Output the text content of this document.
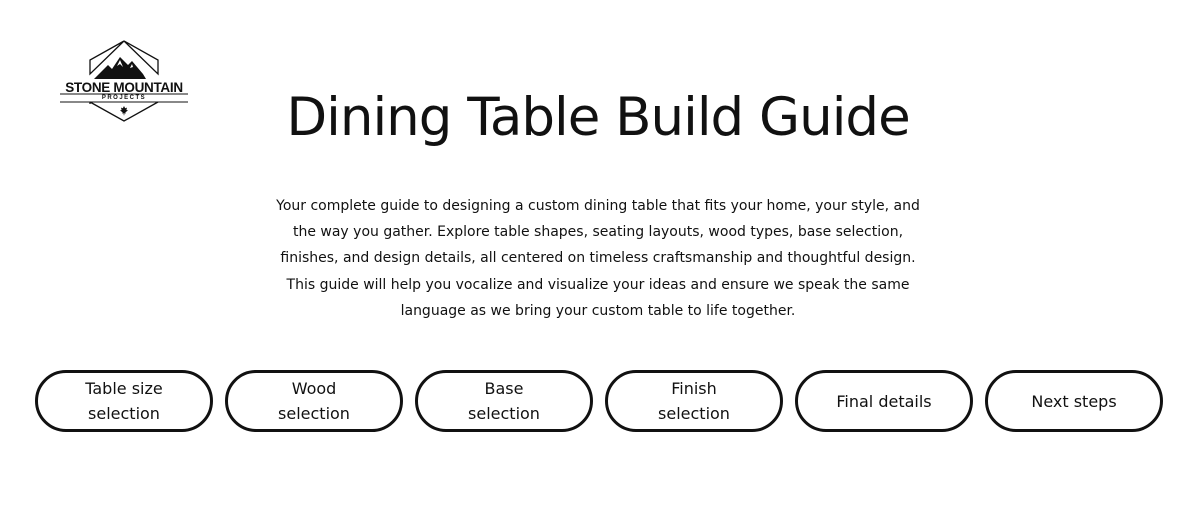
STONE MOUNTAIN
PROJECTS	Dining Table Build Guide

Your complete guide to designing a custom dining table that fits your home, your style, and the way you gather. Explore table shapes, seating layouts, wood types, base selection, finishes, and design details, all centered on timeless craftsmanship and thoughtful design. This guide will help you vocalize and visualize your ideas and ensure we speak the same language as we bring your custom table to life together.

Table size selection
Wood selection
Base selection
Finish selection
Final details	Next steps
